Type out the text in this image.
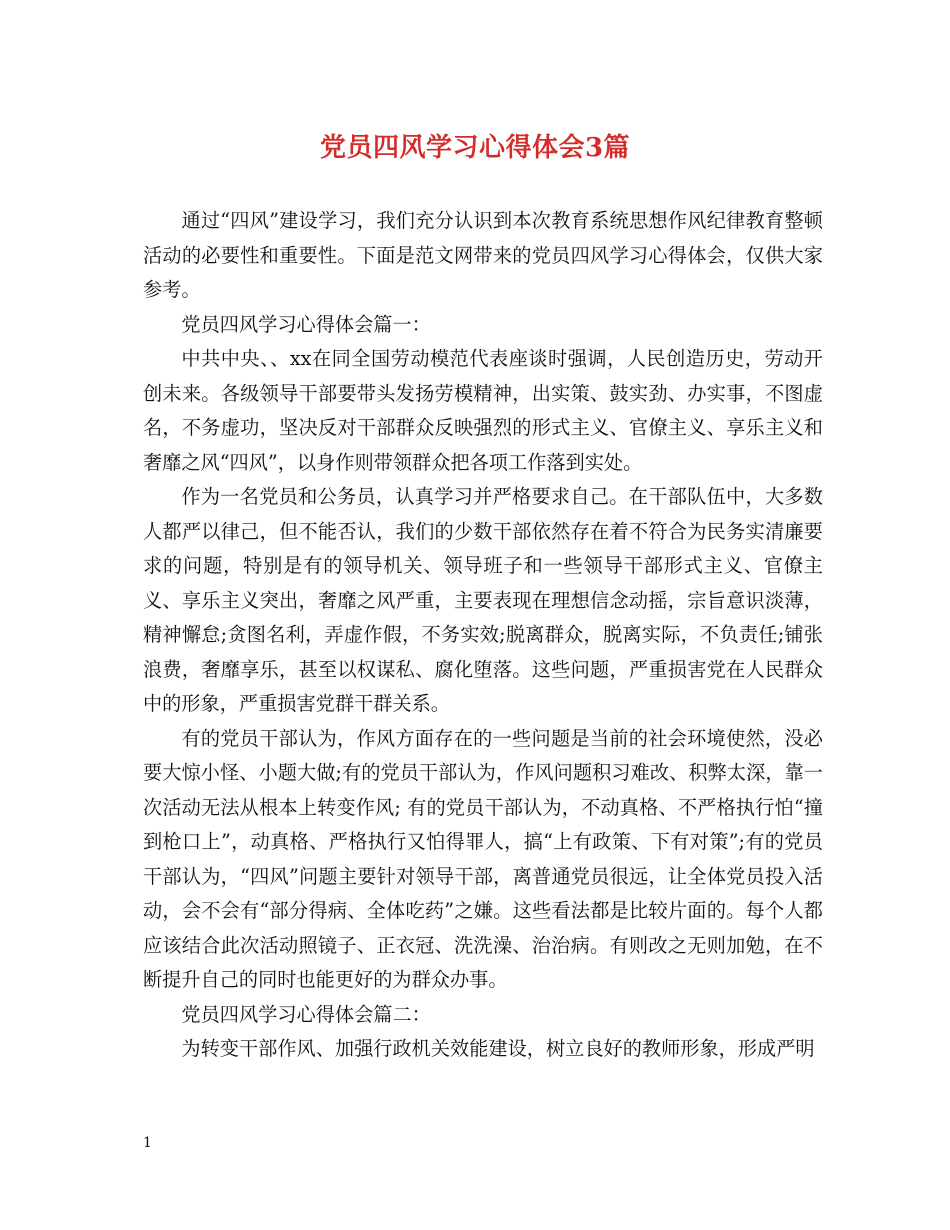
党员四风学习心得体会3篇

通过“四风”建设学习，我们充分认识到本次教育系统思想作风纪律教育整顿活动的必要性和重要性。下面是范文网带来的党员四风学习心得体会，仅供大家参考。

党员四风学习心得体会篇一：

中共中央、、xx在同全国劳动模范代表座谈时强调，人民创造历史，劳动开创未来。各级领导干部要带头发扬劳模精神，出实策、鼓实劲、办实事，不图虚名，不务虚功，坚决反对干部群众反映强烈的形式主义、官僚主义、享乐主义和奢靡之风“四风”，以身作则带领群众把各项工作落到实处。

作为一名党员和公务员，认真学习并严格要求自己。在干部队伍中，大多数人都严以律己，但不能否认，我们的少数干部依然存在着不符合为民务实清廉要求的问题，特别是有的领导机关、领导班子和一些领导干部形式主义、官僚主义、享乐主义突出，奢靡之风严重，主要表现在理想信念动摇，宗旨意识淡薄，精神懈怠;贪图名利，弄虚作假，不务实效;脱离群众，脱离实际，不负责任;铺张浪费，奢靡享乐，甚至以权谋私、腐化堕落。这些问题，严重损害党在人民群众中的形象，严重损害党群干群关系。

有的党员干部认为，作风方面存在的一些问题是当前的社会环境使然，没必要大惊小怪、小题大做;有的党员干部认为，作风问题积习难改、积弊太深，靠一次活动无法从根本上转变作风; 有的党员干部认为，不动真格、不严格执行怕“撞到枪口上”，动真格、严格执行又怕得罪人，搞“上有政策、下有对策”;有的党员干部认为，“四风”问题主要针对领导干部，离普通党员很远，让全体党员投入活动，会不会有“部分得病、全体吃药”之嫌。这些看法都是比较片面的。每个人都应该结合此次活动照镜子、正衣冠、洗洗澡、治治病。有则改之无则加勉，在不断提升自己的同时也能更好的为群众办事。

党员四风学习心得体会篇二：

为转变干部作风、加强行政机关效能建设，树立良好的教师形象，形成严明

1
